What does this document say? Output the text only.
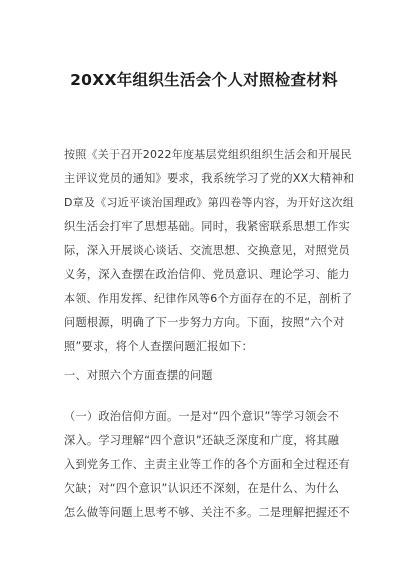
20XX年组织生活会个人对照检查材料
按照《关于召开2022年度基层党组织组织生活会和开展民
主评议党员的通知》要求，我系统学习了党的XX大精神和
D章及《习近平谈治国理政》第四卷等内容，为开好这次组
织生活会打牢了思想基础。同时，我紧密联系思想工作实
际，深入开展谈心谈话、交流思想、交换意见，对照党员
义务，深入查摆在政治信仰、党员意识、理论学习、能力
本领、作用发挥、纪律作风等6个方面存在的不足，剖析了
问题根源，明确了下一步努力方向。下面，按照“六个对
照”要求，将个人查摆问题汇报如下：
一、对照六个方面查摆的问题
（一）政治信仰方面。一是对“四个意识”等学习领会不
深入。学习理解“四个意识”还缺乏深度和广度，将其融
入到党务工作、主责主业等工作的各个方面和全过程还有
欠缺；对“四个意识”认识还不深刻，在是什么、为什么
怎么做等问题上思考不够、关注不多。二是理解把握还不
